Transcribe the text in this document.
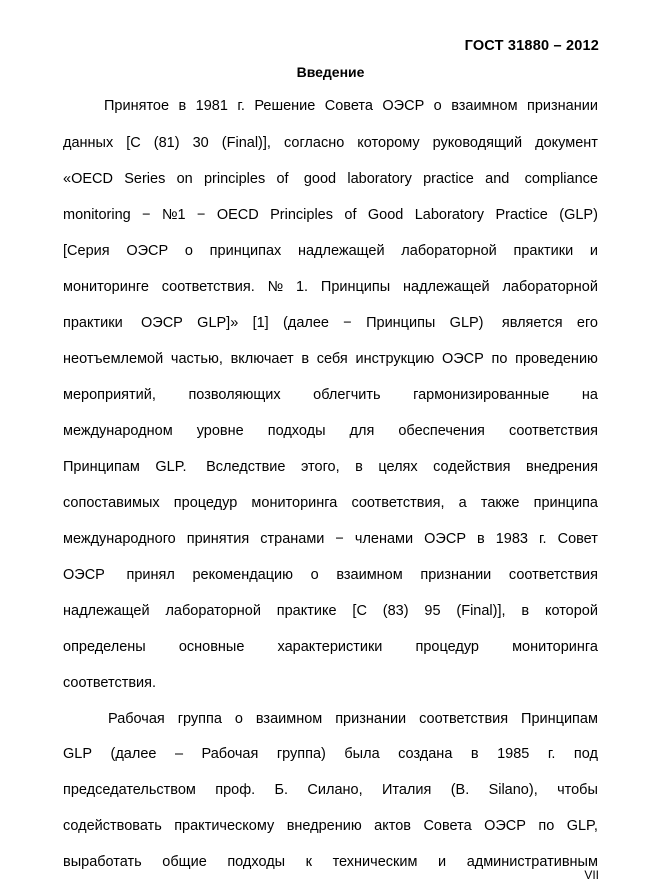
ГОСТ 31880 – 2012
Введение
Принятое в 1981 г. Решение Совета ОЭСР о взаимном признании
данных [С (81) 30 (Final)], согласно которому руководящий документ
«OECD Series on principles of good laboratory practice and compliance
monitoring − №1 − OECD Principles of Good Laboratory Practice (GLP)
[Серия ОЭСР о принципах надлежащей лабораторной практики и
мониторинге соответствия. № 1. Принципы надлежащей лабораторной
практики ОЭСР GLP]» [1] (далее − Принципы GLP) является его
неотъемлемой частью, включает в себя инструкцию ОЭСР по проведению
мероприятий, позволяющих облегчить гармонизированные на
международном уровне подходы для обеспечения соответствия
Принципам GLP. Вследствие этого, в целях содействия внедрения
сопоставимых процедур мониторинга соответствия, а также принципа
международного принятия странами − членами ОЭСР в 1983 г. Совет
ОЭСР принял рекомендацию о взаимном признании соответствия
надлежащей лабораторной практике [С (83) 95 (Final)], в которой
определены основные характеристики процедур мониторинга
соответствия.
Рабочая группа о взаимном признании соответствия Принципам
GLP (далее – Рабочая группа) была создана в 1985 г. под
председательством проф. Б. Силано, Италия (B. Silano), чтобы
содействовать практическому внедрению актов Совета ОЭСР по GLP,
выработать общие подходы к техническим и административным
VII
